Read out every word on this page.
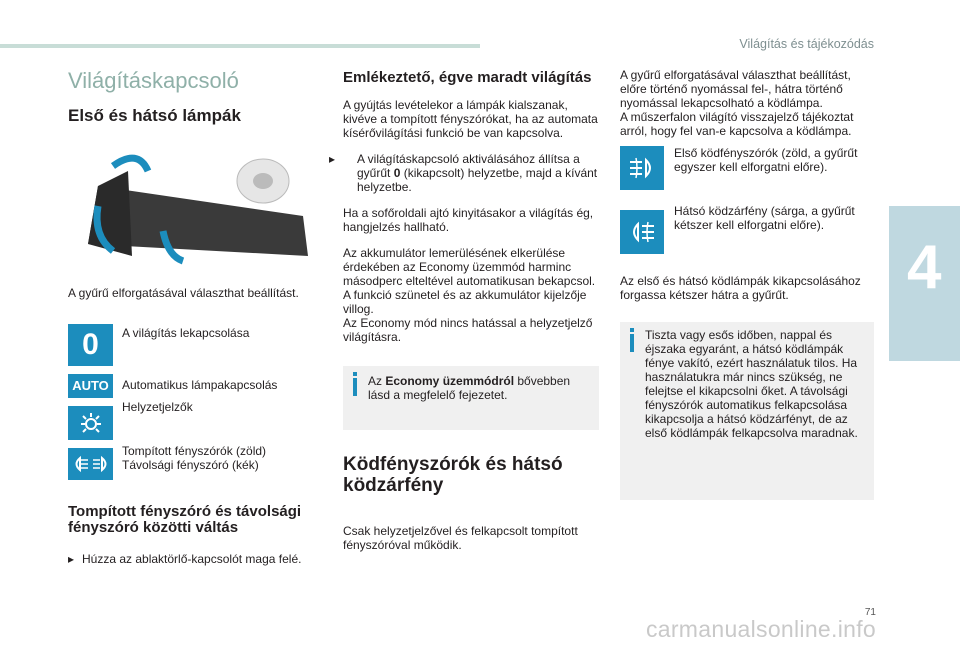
Világítás és tájékozódás
4
Világításkapcsoló
Első és hátsó lámpák

A gyűrű elforgatásával választhat beállítást.

0	A világítás lekapcsolása
AUTO	Automatikus lámpakapcsolás
Helyzetjelzők
Tompított fényszórók (zöld)
Távolsági fényszóró (kék)
Tompított fényszóró és távolsági fényszóró közötti váltás

▸ Húzza az ablaktörlő-kapcsolót maga felé.

Emlékeztető, égve maradt világítás

A gyújtás levételekor a lámpák kialszanak, kivéve a tompított fényszórókat, ha az automata kísérővilágítási funkció be van kapcsolva.

▸ A világításkapcsoló aktiválásához állítsa a gyűrűt 0 (kikapcsolt) helyzetbe, majd a kívánt helyzetbe.

Ha a sofőroldali ajtó kinyitásakor a világítás ég, hangjelzés hallható.

Az akkumulátor lemerülésének elkerülése érdekében az Economy üzemmód harminc másodperc elteltével automatikusan bekapcsol. A funkció szünetel és az akkumulátor kijelzője villog.

Az Economy mód nincs hatással a helyzetjelző világításra.

Az Economy üzemmódról bővebben lásd a megfelelő fejezetet.
Ködfényszórók és hátsó ködzárfény

Csak helyzetjelzővel és felkapcsolt tompított fényszóróval működik.

A gyűrű elforgatásával választhat beállítást, előre történő nyomással fel-, hátra történő nyomással lekapcsolható a ködlámpa.

A műszerfalon világító visszajelző tájékoztat arról, hogy fel van-e kapcsolva a ködlámpa.

Első ködfényszórók (zöld, a gyűrűt egyszer kell elforgatni előre).
Hátsó ködzárfény (sárga, a gyűrűt kétszer kell elforgatni előre).

Az első és hátsó ködlámpák kikapcsolásához forgassa kétszer hátra a gyűrűt.

Tiszta vagy esős időben, nappal és éjszaka egyaránt, a hátsó ködlámpák fénye vakító, ezért használatuk tilos. Ha használatukra már nincs szükség, ne felejtse el kikapcsolni őket. A távolsági fényszórók automatikus felkapcsolása kikapcsolja a hátsó ködzárfényt, de az első ködlámpák felkapcsolva maradnak.
71
carmanualsonline.info
